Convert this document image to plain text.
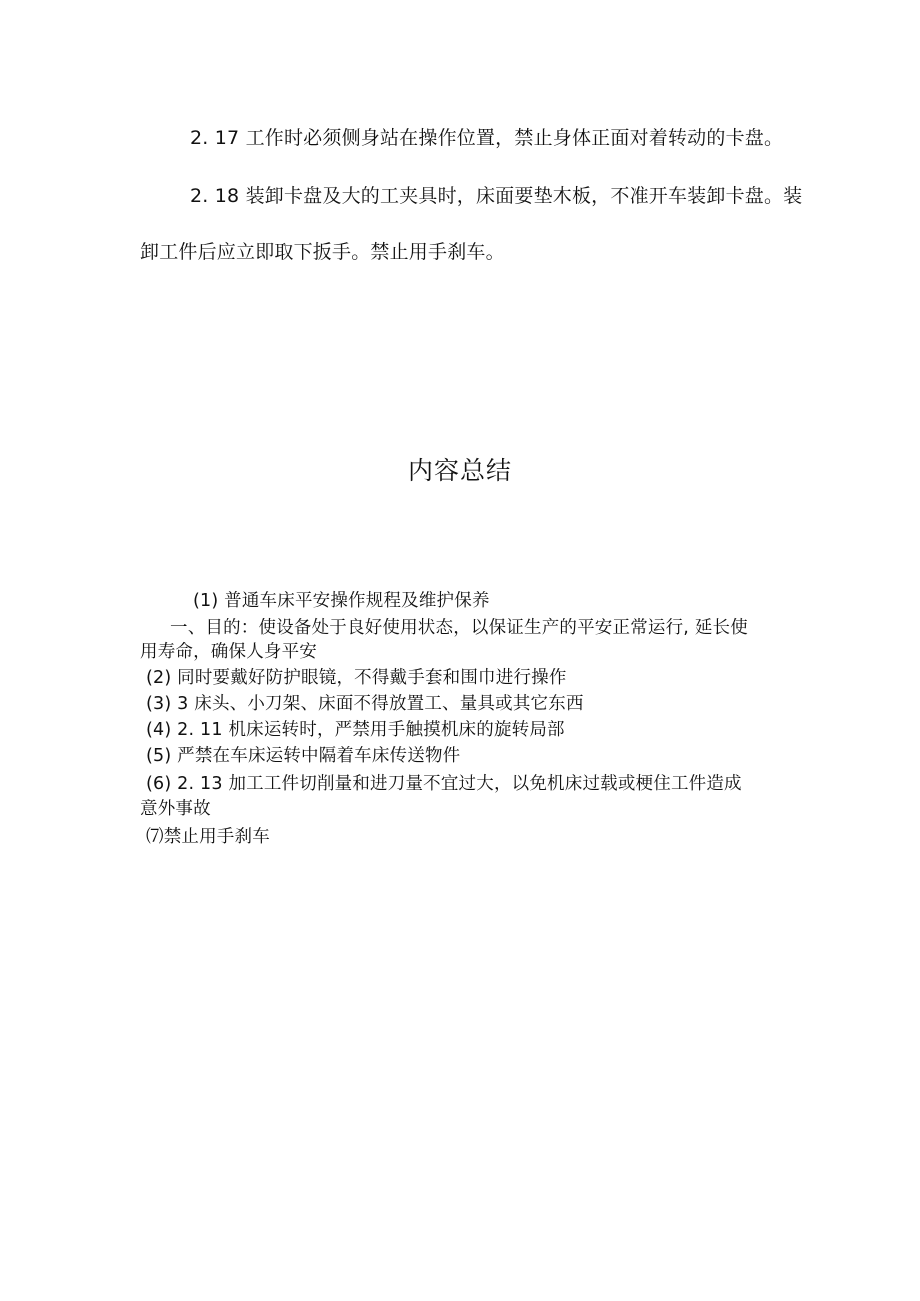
2. 17 工作时必须侧身站在操作位置，禁止身体正面对着转动的卡盘。
2. 18 装卸卡盘及大的工夹具时，床面要垫木板，不准开车装卸卡盘。装
卸工件后应立即取下扳手。禁止用手刹车。
内容总结
(1) 普通车床平安操作规程及维护保养
一、目的：使设备处于良好使用状态，以保证生产的平安正常运行, 延长使
用寿命，确保人身平安
(2) 同时要戴好防护眼镜，不得戴手套和围巾进行操作
(3) 3 床头、小刀架、床面不得放置工、量具或其它东西
(4) 2. 11 机床运转时，严禁用手触摸机床的旋转局部
(5) 严禁在车床运转中隔着车床传送物件
(6) 2. 13 加工工件切削量和进刀量不宜过大，以免机床过载或梗住工件造成
意外事故
⑺禁止用手刹车
